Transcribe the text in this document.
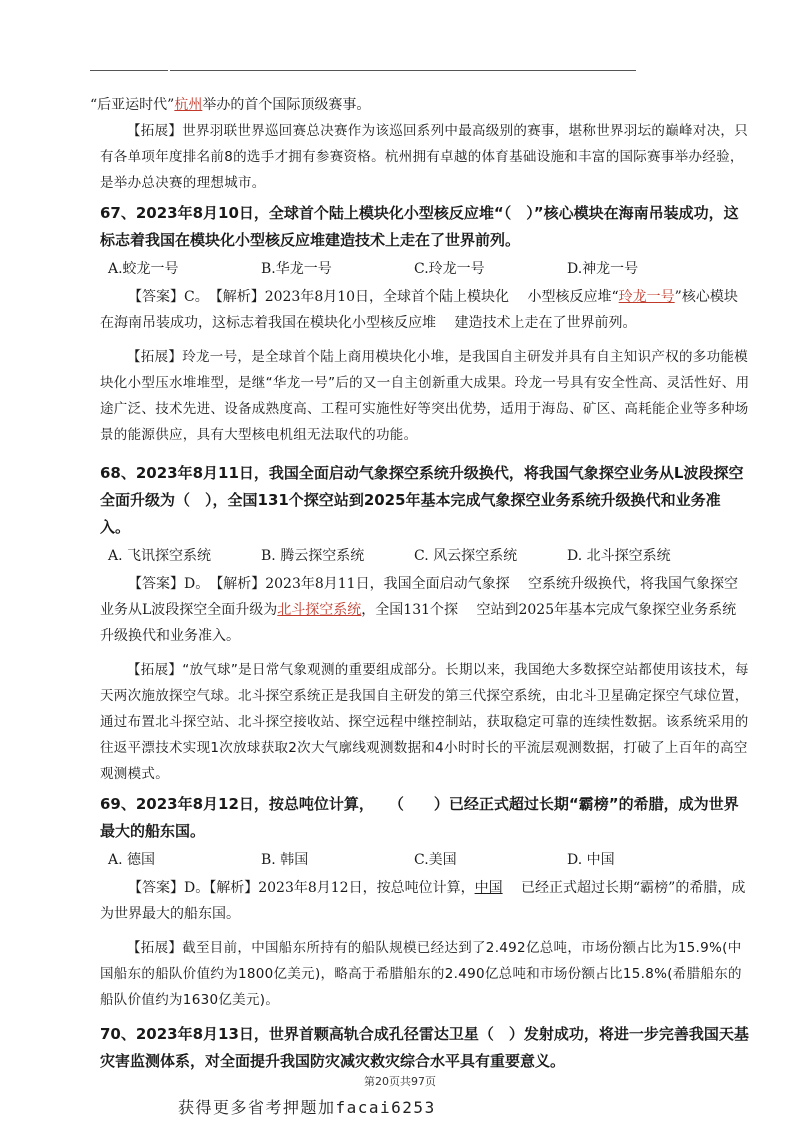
“后亚运时代”杭州举办的首个国际顶级赛事。

【拓展】世界羽联世界巡回赛总决赛作为该巡回系列中最高级别的赛事，堪称世界羽坛的巅峰对决，只有各单项年度排名前8的选手才拥有参赛资格。杭州拥有卓越的体育基础设施和丰富的国际赛事举办经验，是举办总决赛的理想城市。

67、2023年8月10日，全球首个陆上模块化小型核反应堆“（　）”核心模块在海南吊装成功，这标志着我国在模块化小型核反应堆建造技术上走在了世界前列。

A.蛟龙一号	B.华龙一号	C.玲龙一号	D.神龙一号

【答案】C。　【解析】2023年8月10日，全球首个陆上模块化　 小型核反应堆“玲龙一号”核心模块在海南吊装成功，这标志着我国在模块化小型核反应堆　 建造技术上走在了世界前列。

【拓展】玲龙一号，是全球首个陆上商用模块化小堆，是我国自主研发并具有自主知识产权的多功能模块化小型压水堆堆型，是继“华龙一号”后的又一自主创新重大成果。玲龙一号具有安全性高、灵活性好、用途广泛、技术先进、设备成熟度高、工程可实施性好等突出优势，适用于海岛、矿区、高耗能企业等多种场景的能源供应，具有大型核电机组无法取代的功能。

68、2023年8月11日，我国全面启动气象探空系统升级换代，将我国气象探空业务从L波段探空全面升级为（　），全国131个探空站到2025年基本完成气象探空业务系统升级换代和业务准入。

A. 飞讯探空系统	B. 腾云探空系统	C. 风云探空系统	D. 北斗探空系统

【答案】D。　【解析】2023年8月11日，我国全面启动气象探　 空系统升级换代，将我国气象探空业务从L波段探空全面升级为北斗探空系统，全国131个探　 空站到2025年基本完成气象探空业务系统升级换代和业务准入。

【拓展】“放气球”是日常气象观测的重要组成部分。长期以来，我国绝大多数探空站都使用该技术，每天两次施放探空气球。北斗探空系统正是我国自主研发的第三代探空系统，由北斗卫星确定探空气球位置，通过布置北斗探空站、北斗探空接收站、探空远程中继控制站，获取稳定可靠的连续性数据。该系统采用的往返平漂技术实现1次放球获取2次大气廓线观测数据和4小时时长的平流层观测数据，打破了上百年的高空观测模式。

69、2023年8月12日，按总吨位计算，　　（　　）已经正式超过长期“霸榜”的希腊，成为世界最大的船东国。

A. 德国	B. 韩国	C.美国	D. 中国

【答案】D。【解析】2023年8月12日，按总吨位计算，中国　 已经正式超过长期“霸榜”的希腊，成为世界最大的船东国。

【拓展】截至目前，中国船东所持有的船队规模已经达到了2.492亿总吨，市场份额占比为15.9%(中国船东的船队价值约为1800亿美元)，略高于希腊船东的2.490亿总吨和市场份额占比15.8%(希腊船东的船队价值约为1630亿美元)。

70、2023年8月13日，世界首颗高轨合成孔径雷达卫星（　）发射成功，将进一步完善我国天基灾害监测体系，对全面提升我国防灾减灾救灾综合水平具有重要意义。

第20页共97页
获得更多省考押题加facai6253
